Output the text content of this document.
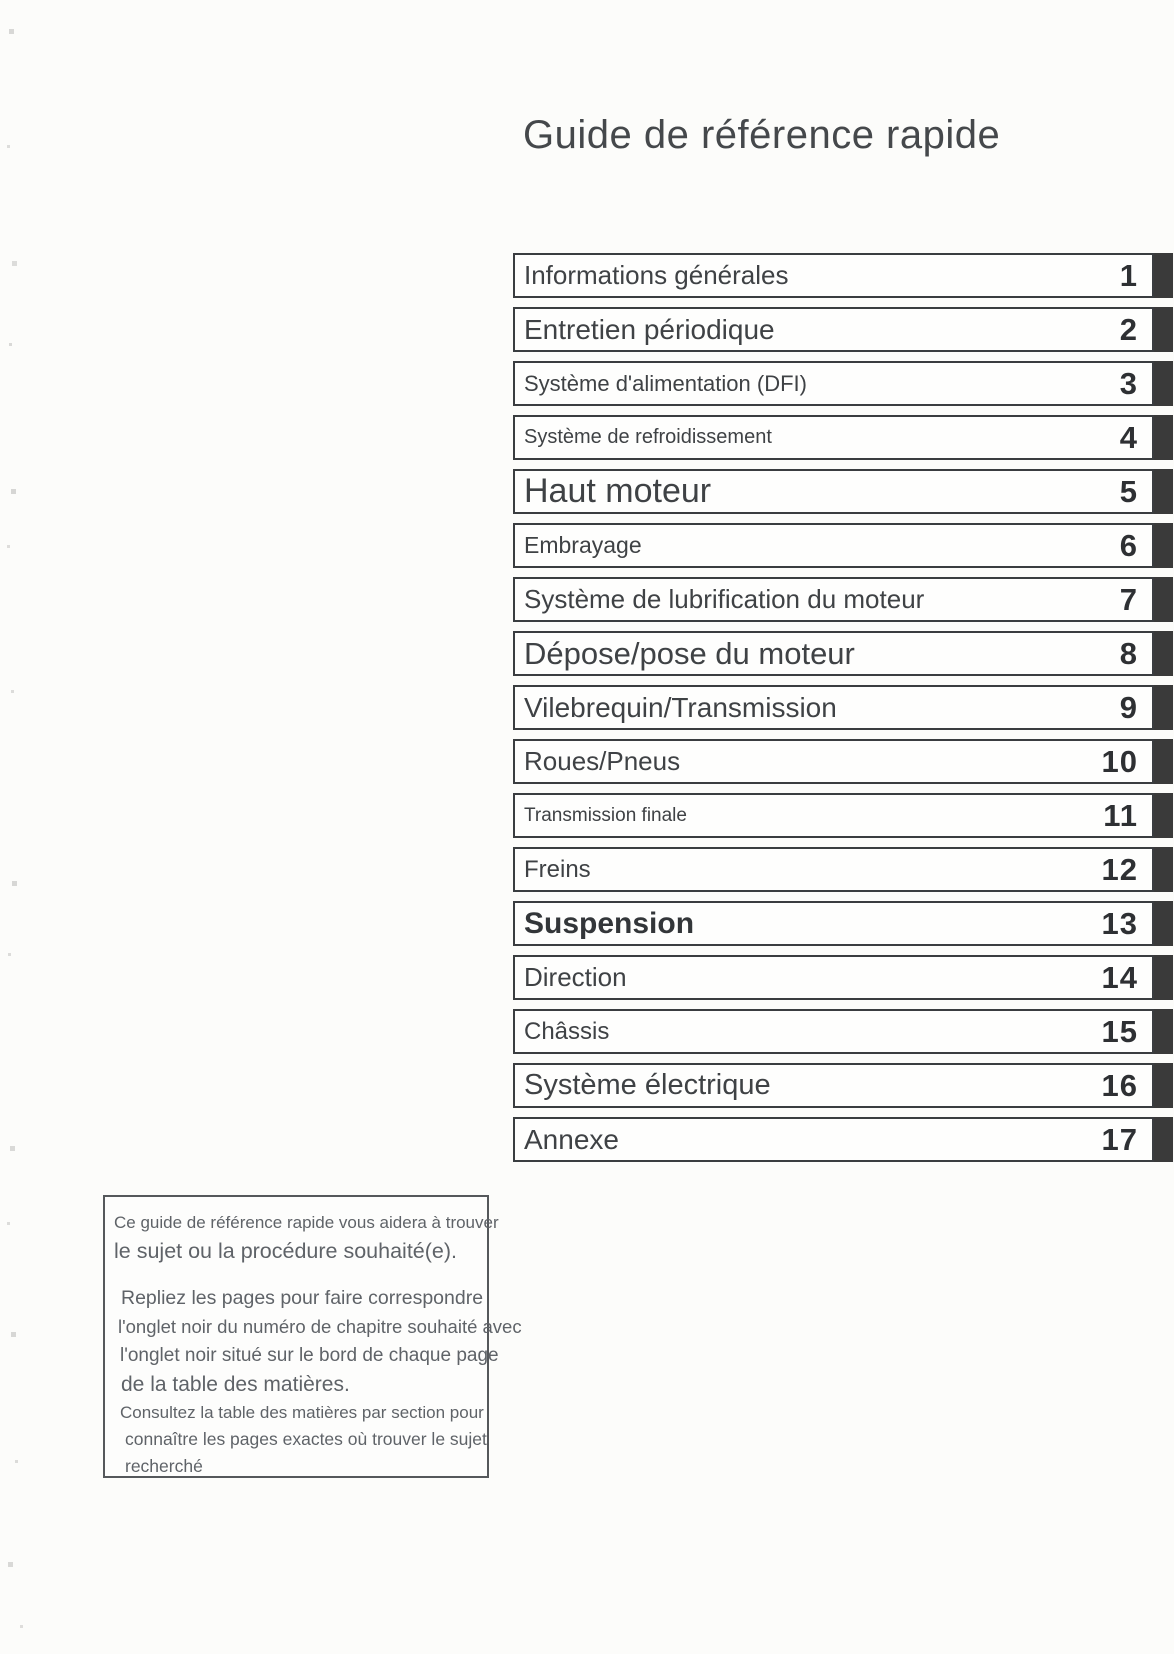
Guide de référence rapide
Informations générales	1
Entretien périodique	2
Système d'alimentation (DFI)	3
Système de refroidissement	4
Haut moteur	5
Embrayage	6
Système de lubrification du moteur	7
Dépose/pose du moteur	8
Vilebrequin/Transmission	9
Roues/Pneus	10
Transmission finale	11
Freins	12
Suspension	13
Direction	14
Châssis	15
Système électrique	16
Annexe	17

Ce guide de référence rapide vous aidera à trouver

le sujet ou la procédure souhaité(e).

Repliez les pages pour faire correspondre

l'onglet noir du numéro de chapitre souhaité avec

l'onglet noir situé sur le bord de chaque page

de la table des matières.

Consultez la table des matières par section pour

connaître les pages exactes où trouver le sujet

recherché
